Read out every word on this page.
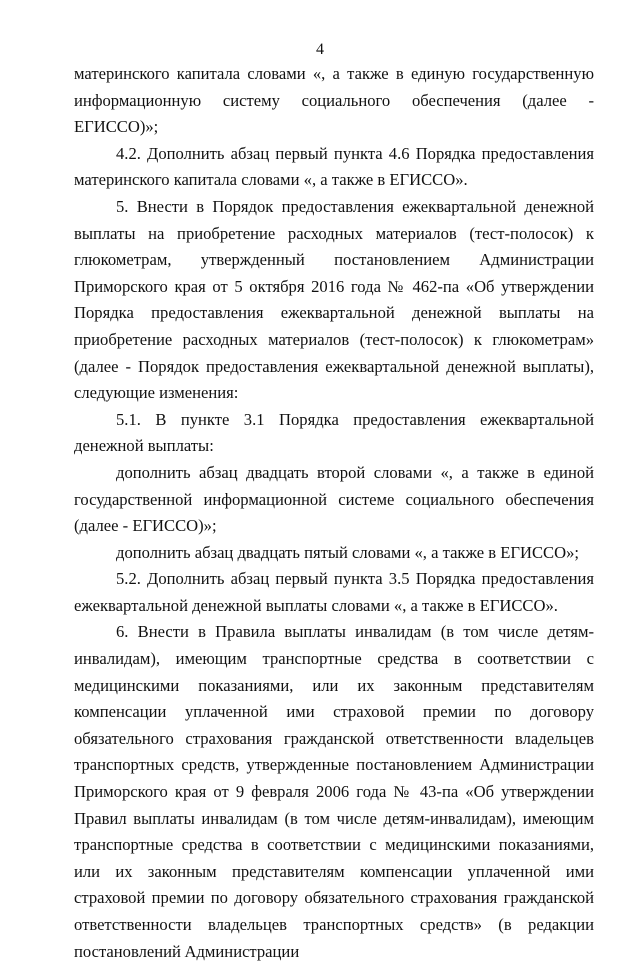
4

материнского капитала словами «, а также в единую государственную информационную систему социального обеспечения (далее - ЕГИССО)»;

4.2. Дополнить абзац первый пункта 4.6 Порядка предоставления материнского капитала словами «, а также в ЕГИССО».

5. Внести в Порядок предоставления ежеквартальной денежной выплаты на приобретение расходных материалов (тест-полосок) к глюкометрам, утвержденный постановлением Администрации Приморского края от 5 октября 2016 года № 462-па «Об утверждении Порядка предоставления ежеквартальной денежной выплаты на приобретение расходных материалов (тест-полосок) к глюкометрам» (далее - Порядок предоставления ежеквартальной денежной выплаты), следующие изменения:

5.1. В пункте 3.1 Порядка предоставления ежеквартальной денежной выплаты:

дополнить абзац двадцать второй словами «, а также в единой государственной информационной системе социального обеспечения (далее - ЕГИССО)»;

дополнить абзац двадцать пятый словами «, а также в ЕГИССО»;

5.2. Дополнить абзац первый пункта 3.5 Порядка предоставления ежеквартальной денежной выплаты словами «, а также в ЕГИССО».

6. Внести в Правила выплаты инвалидам (в том числе детям-инвалидам), имеющим транспортные средства в соответствии с медицинскими показаниями, или их законным представителям компенсации уплаченной ими страховой премии по договору обязательного страхования гражданской ответственности владельцев транспортных средств, утвержденные постановлением Администрации Приморского края от 9 февраля 2006 года № 43-па «Об утверждении Правил выплаты инвалидам (в том числе детям-инвалидам), имеющим транспортные средства в соответствии с медицинскими показаниями, или их законным представителям компенсации уплаченной ими страховой премии по договору обязательного страхования гражданской ответственности владельцев транспортных средств» (в редакции постановлений Администрации
